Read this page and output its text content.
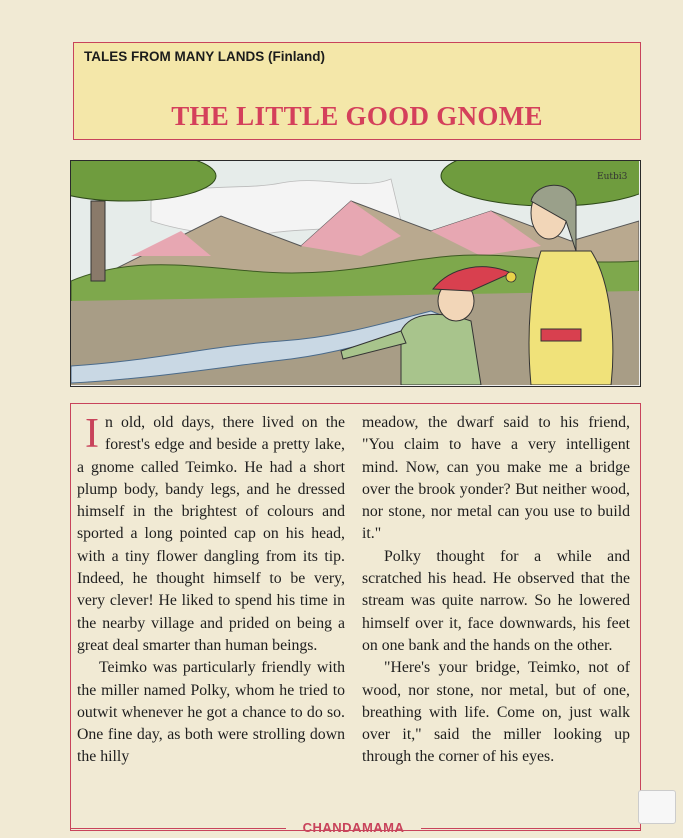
TALES FROM MANY LANDS (Finland)
THE LITTLE GOOD GNOME
Eutbi3

In old, old days, there lived on the forest's edge and beside a pretty lake, a gnome called Teimko. He had a short plump body, bandy legs, and he dressed himself in the brightest of colours and sported a long pointed cap on his head, with a tiny flower dangling from its tip. Indeed, he thought himself to be very, very clever! He liked to spend his time in the nearby village and prided on being a great deal smarter than human beings.

Teimko was particularly friendly with the miller named Polky, whom he tried to outwit whenever he got a chance to do so. One fine day, as both were strolling down the hilly

meadow, the dwarf said to his friend, "You claim to have a very intelligent mind. Now, can you make me a bridge over the brook yonder? But neither wood, nor stone, nor metal can you use to build it."

Polky thought for a while and scratched his head. He observed that the stream was quite narrow. So he lowered himself over it, face downwards, his feet on one bank and the hands on the other.

"Here's your bridge, Teimko, not of wood, nor stone, nor metal, but of one, breathing with life. Come on, just walk over it," said the miller looking up through the corner of his eyes.

CHANDAMAMA
